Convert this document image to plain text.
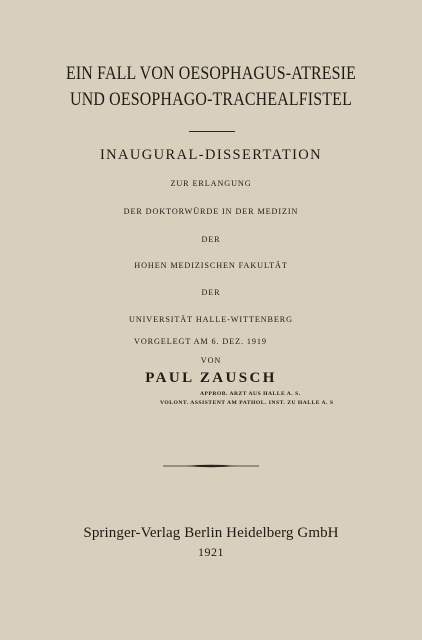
EIN FALL VON OESOPHAGUS-ATRESIE
UND OESOPHAGO-TRACHEALFISTEL
INAUGURAL-DISSERTATION
ZUR ERLANGUNG
DER DOKTORWÜRDE IN DER MEDIZIN
DER
HOHEN MEDIZISCHEN FAKULTÄT
DER
UNIVERSITÄT HALLE-WITTENBERG
VORGELEGT AM 6. DEZ. 1919
VON
PAUL ZAUSCH
APPROB. ARZT AUS HALLE A. S.
VOLONT. ASSISTENT AM PATHOL. INST. ZU HALLE A. S
Springer-Verlag Berlin Heidelberg GmbH
1921
